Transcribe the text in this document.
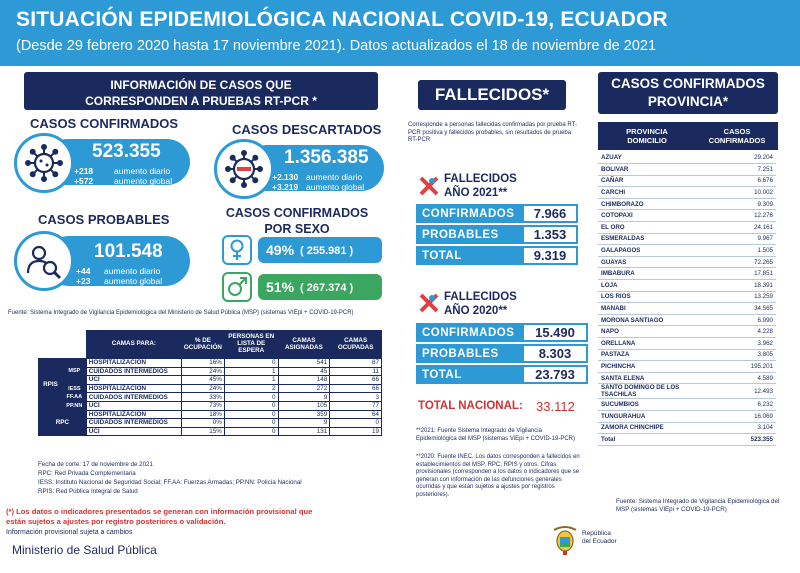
SITUACIÓN EPIDEMIOLÓGICA NACIONAL COVID-19, ECUADOR
(Desde 29 febrero 2020 hasta 17 noviembre 2021). Datos actualizados el 18 de noviembre de 2021
INFORMACIÓN DE CASOS QUE CORRESPONDEN A PRUEBAS RT-PCR *
CASOS CONFIRMADOS
523.355
+218 aumento diario
+572 aumento global
CASOS DESCARTADOS
1.356.385
+2.130 aumento diario
+3.219 aumento global
CASOS PROBABLES
101.548
+44 aumento diario
+23 aumento global
CASOS CONFIRMADOS
POR SEXO
49% ( 255.981 )
51% ( 267.374 )
Fuente: Sistema Integrado de Vigilancia Epidemiológica del Ministerio de Salud Pública (MSP) (sistemas VIEpi + COVID-19-PCR)
		CAMAS PARA:	% DE OCUPACIÓN	PERSONAS EN LISTA DE ESPERA	CAMAS ASIGNADAS	CAMAS OCUPADAS
RPIS	MSP	HOSPITALIZACIÓN	16%	0	541	87
		CUIDADOS INTERMEDIOS	24%	1	45	11
		UCI	45%	1	148	66
	IESS	HOSPITALIZACIÓN	24%	2	272	66
	FF.AA	CUIDADOS INTERMEDIOS	33%	0	9	3
	PP.NN	UCI	73%	0	105	77
RPC		HOSPITALIZACIÓN	18%	0	359	64
		CUIDADOS INTERMEDIOS	0%	0	9	0
		UCI	15%	0	131	19
Fecha de corte: 17 de noviembre de 2021
RPC: Red Privada Complementaria
IESS: Instituto Nacional de Seguridad Social; FF.AA: Fuerzas Armadas; PP.NN: Policía Nacional
RPIS: Red Pública Integral de Salud
(*) Los datos o indicadores presentados se generan con información provisional que
están sujetos a ajustes por registro posteriores o validación.
Información provisional sujeta a cambios
Ministerio de Salud Pública
FALLECIDOS*
Corresponde a personas fallecidas confirmadas por prueba RT-PCR positiva y fallecidos probables, sin resultados de prueba RT-PCR
FALLECIDOS
AÑO 2021**
CONFIRMADOS	7.966
PROBABLES	1.353
TOTAL	9.319
FALLECIDOS
AÑO 2020**
CONFIRMADOS	15.490
PROBABLES	8.303
TOTAL	23.793
TOTAL NACIONAL: 33.112
**2021: Fuente Sistema Integrado de Vigilancia Epidemiológica del MSP (sistemas ViEpi + COVID-19-PCR)
**2020: Fuente INEC. Los datos corresponden a fallecidos en establecimientos del MSP, RPC, RPIS y otros. Cifras provisionales (corresponden a los datos o indicadores que se generan con información de las defunciones generales ocurridas y que están sujetos a ajustes por registros posteriores).
República
del Ecuador
CASOS CONFIRMADOS
PROVINCIA*
PROVINCIA
DOMICILIO
CASOS
CONFIRMADOS
AZUAY	29.204
BOLIVAR	7.251
CAÑAR	6.676
CARCHI	10.002
CHIMBORAZO	9.309
COTOPAXI	12.276
EL ORO	24.161
ESMERALDAS	9.967
GALAPAGOS	1.505
GUAYAS	72.265
IMBABURA	17.851
LOJA	18.391
LOS RIOS	13.259
MANABI	34.565
MORONA SANTIAGO	6.990
NAPO	4.228
ORELLANA	3.962
PASTAZA	3.805
PICHINCHA	195.201
SANTA ELENA	4.589
SANTO DOMINGO DE LOS TSACHILAS	12.493
SUCUMBIOS	6.232
TUNGURAHUA	16.069
ZAMORA CHINCHIPE	3.104
Total	523.355
Fuente: Sistema Integrado de Vigilancia Epidemiológica del MSP (sistemas VIEpi + COVID-19-PCR)
